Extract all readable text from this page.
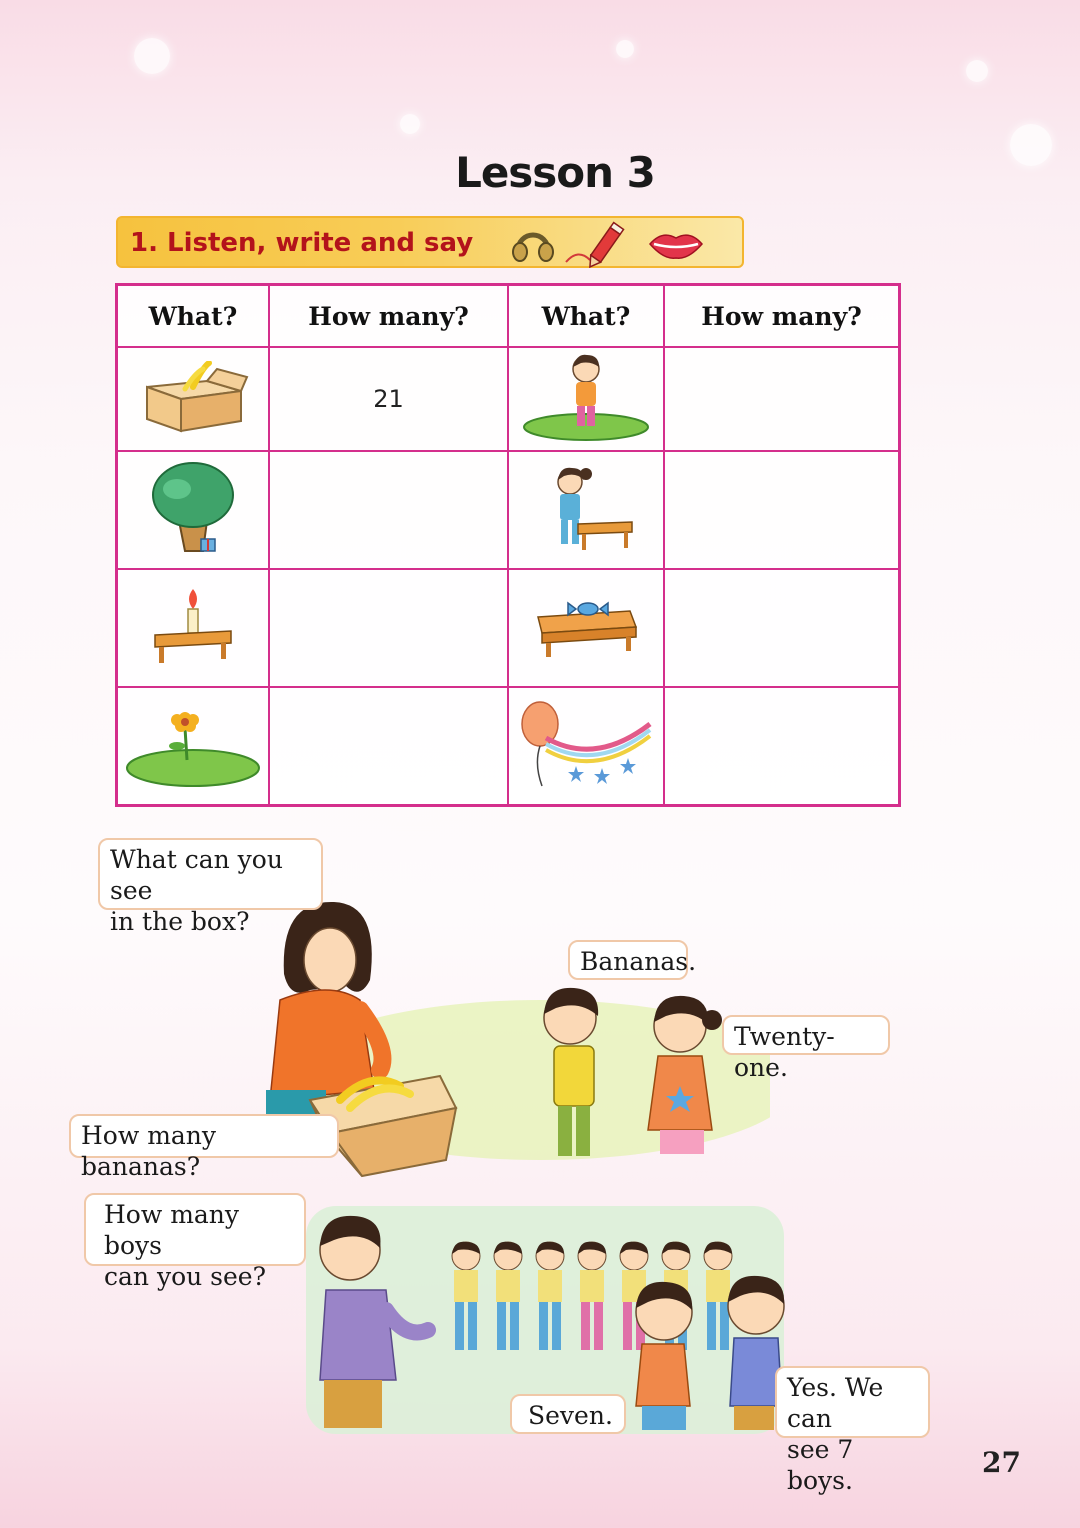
Lesson 3
1. Listen, write and say
What?	How many?	What?	How many?
	21		

What can you see
in the box?
Bananas.
Twenty-one.
How many bananas?
How many boys
can you see?
Seven.
Yes. We can
see 7 boys.
27
